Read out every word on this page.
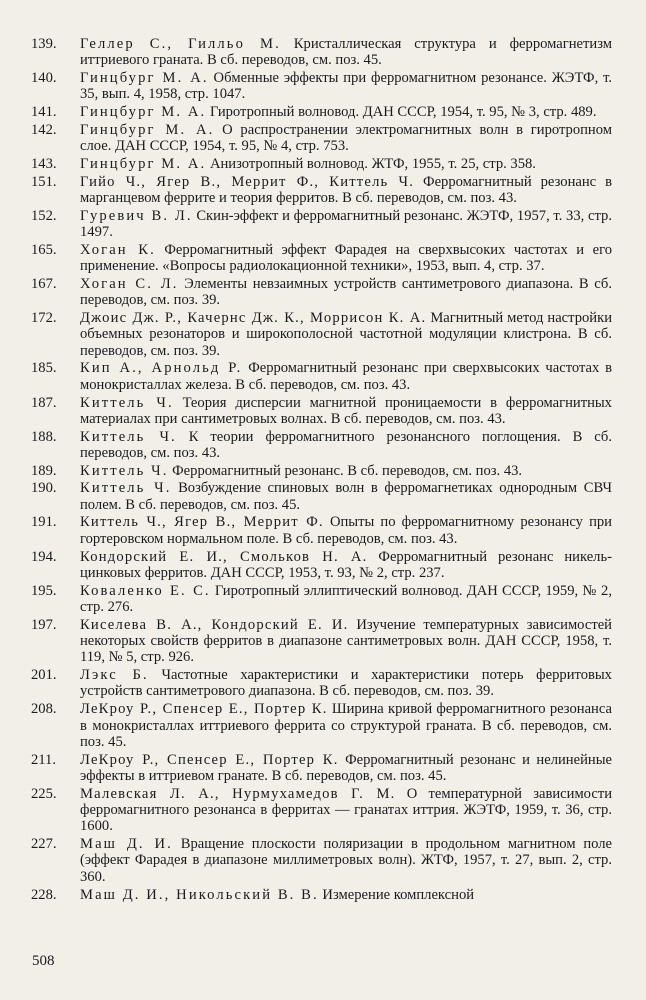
139.	Геллер С., Гилльо М. Кристаллическая структура и ферромагнетизм иттриевого граната. В сб. переводов, см. поз. 45.
140.	Гинцбург М. А. Обменные эффекты при ферромагнитном резонансе. ЖЭТФ, т. 35, вып. 4, 1958, стр. 1047.
141.	Гинцбург М. А. Гиротропный волновод. ДАН СССР, 1954, т. 95, № 3, стр. 489.
142.	Гинцбург М. А. О распространении электромагнитных волн в гиротропном слое. ДАН СССР, 1954, т. 95, № 4, стр. 753.
143.	Гинцбург М. А. Анизотропный волновод. ЖТФ, 1955, т. 25, стр. 358.
151.	Гийо Ч., Ягер В., Меррит Ф., Киттель Ч. Ферромагнитный резонанс в марганцевом феррите и теория ферритов. В сб. переводов, см. поз. 43.
152.	Гуревич В. Л. Скин-эффект и ферромагнитный резонанс. ЖЭТФ, 1957, т. 33, стр. 1497.
165.	Хоган К. Ферромагнитный эффект Фарадея на сверхвысоких частотах и его применение. «Вопросы радиолокационной техники», 1953, вып. 4, стр. 37.
167.	Хоган С. Л. Элементы невзаимных устройств сантиметрового диапазона. В сб. переводов, см. поз. 39.
172.	Джоис Дж. Р., Качернс Дж. К., Моррисон К. А. Магнитный метод настройки объемных резонаторов и широкополосной частотной модуляции клистрона. В сб. переводов, см. поз. 39.
185.	Кип А., Арнольд Р. Ферромагнитный резонанс при сверхвысоких частотах в монокристаллах железа. В сб. переводов, см. поз. 43.
187.	Киттель Ч. Теория дисперсии магнитной проницаемости в ферромагнитных материалах при сантиметровых волнах. В сб. переводов, см. поз. 43.
188.	Киттель Ч. К теории ферромагнитного резонансного поглощения. В сб. переводов, см. поз. 43.
189.	Киттель Ч. Ферромагнитный резонанс. В сб. переводов, см. поз. 43.
190.	Киттель Ч. Возбуждение спиновых волн в ферромагнетиках однородным СВЧ полем. В сб. переводов, см. поз. 45.
191.	Киттель Ч., Ягер В., Меррит Ф. Опыты по ферромагнитному резонансу при гортеровском нормальном поле. В сб. переводов, см. поз. 43.
194.	Кондорский Е. И., Смольков Н. А. Ферромагнитный резонанс никель-цинковых ферритов. ДАН СССР, 1953, т. 93, № 2, стр. 237.
195.	Коваленко Е. С. Гиротропный эллиптический волновод. ДАН СССР, 1959, № 2, стр. 276.
197.	Киселева В. А., Кондорский Е. И. Изучение температурных зависимостей некоторых свойств ферритов в диапазоне сантиметровых волн. ДАН СССР, 1958, т. 119, № 5, стр. 926.
201.	Лэкс Б. Частотные характеристики и характеристики потерь ферритовых устройств сантиметрового диапазона. В сб. переводов, см. поз. 39.
208.	ЛеКроу Р., Спенсер Е., Портер К. Ширина кривой ферромагнитного резонанса в монокристаллах иттриевого феррита со структурой граната. В сб. переводов, см. поз. 45.
211.	ЛеКроу Р., Спенсер Е., Портер К. Ферромагнитный резонанс и нелинейные эффекты в иттриевом гранате. В сб. переводов, см. поз. 45.
225.	Малевская Л. А., Нурмухамедов Г. М. О температурной зависимости ферромагнитного резонанса в ферритах — гранатах иттрия. ЖЭТФ, 1959, т. 36, стр. 1600.
227.	Маш Д. И. Вращение плоскости поляризации в продольном магнитном поле (эффект Фарадея в диапазоне миллиметровых волн). ЖТФ, 1957, т. 27, вып. 2, стр. 360.
228.	Маш Д. И., Никольский В. В. Измерение комплексной
508
